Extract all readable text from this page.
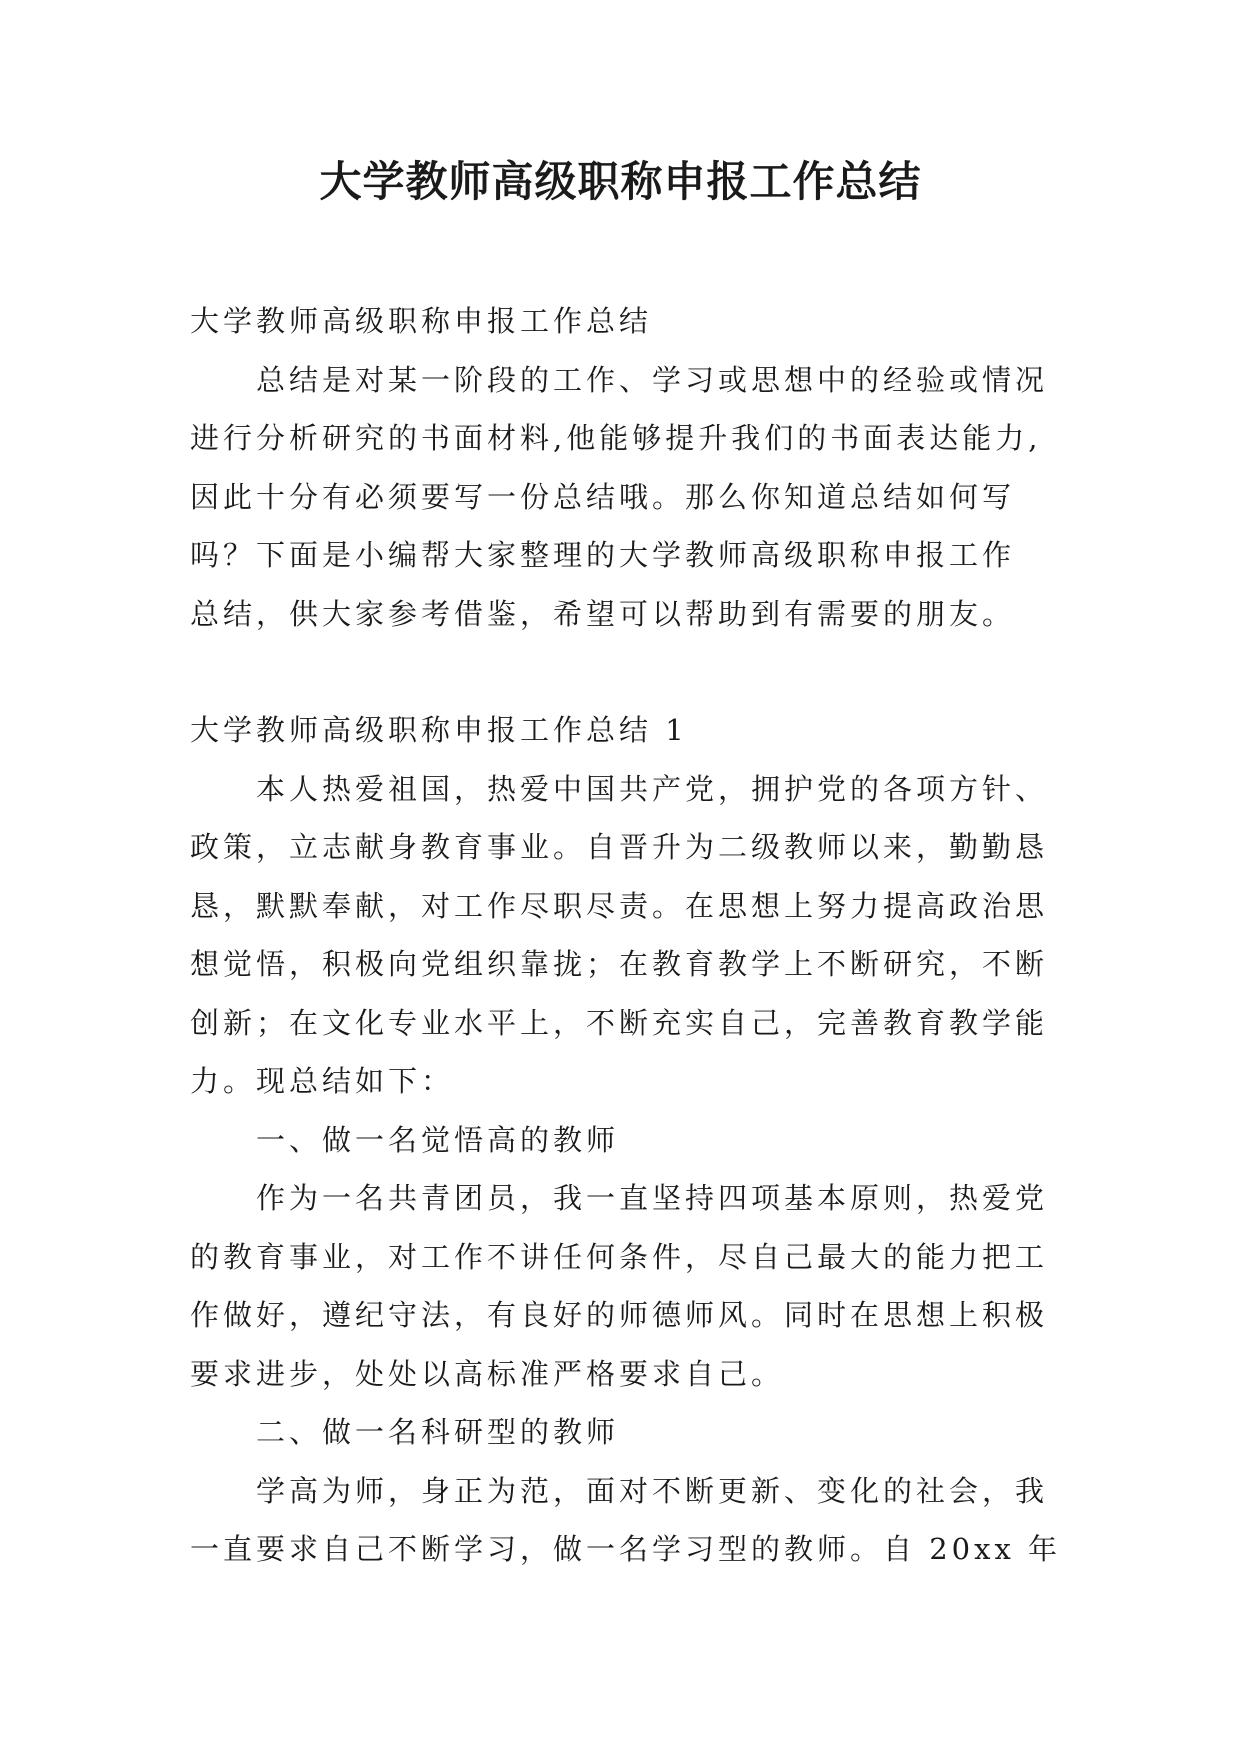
大学教师高级职称申报工作总结

大学教师高级职称申报工作总结

总结是对某一阶段的工作、学习或思想中的经验或情况

进行分析研究的书面材料,他能够提升我们的书面表达能力,

因此十分有必须要写一份总结哦。那么你知道总结如何写

吗？下面是小编帮大家整理的大学教师高级职称申报工作

总结，供大家参考借鉴，希望可以帮助到有需要的朋友。

大学教师高级职称申报工作总结 1

本人热爱祖国，热爱中国共产党，拥护党的各项方针、

政策，立志献身教育事业。自晋升为二级教师以来，勤勤恳

恳，默默奉献，对工作尽职尽责。在思想上努力提高政治思

想觉悟，积极向党组织靠拢；在教育教学上不断研究，不断

创新；在文化专业水平上，不断充实自己，完善教育教学能

力。现总结如下：

一、做一名觉悟高的教师

作为一名共青团员，我一直坚持四项基本原则，热爱党

的教育事业，对工作不讲任何条件，尽自己最大的能力把工

作做好，遵纪守法，有良好的师德师风。同时在思想上积极

要求进步，处处以高标准严格要求自己。

二、做一名科研型的教师

学高为师，身正为范，面对不断更新、变化的社会，我

一直要求自己不断学习，做一名学习型的教师。自 20xx 年
